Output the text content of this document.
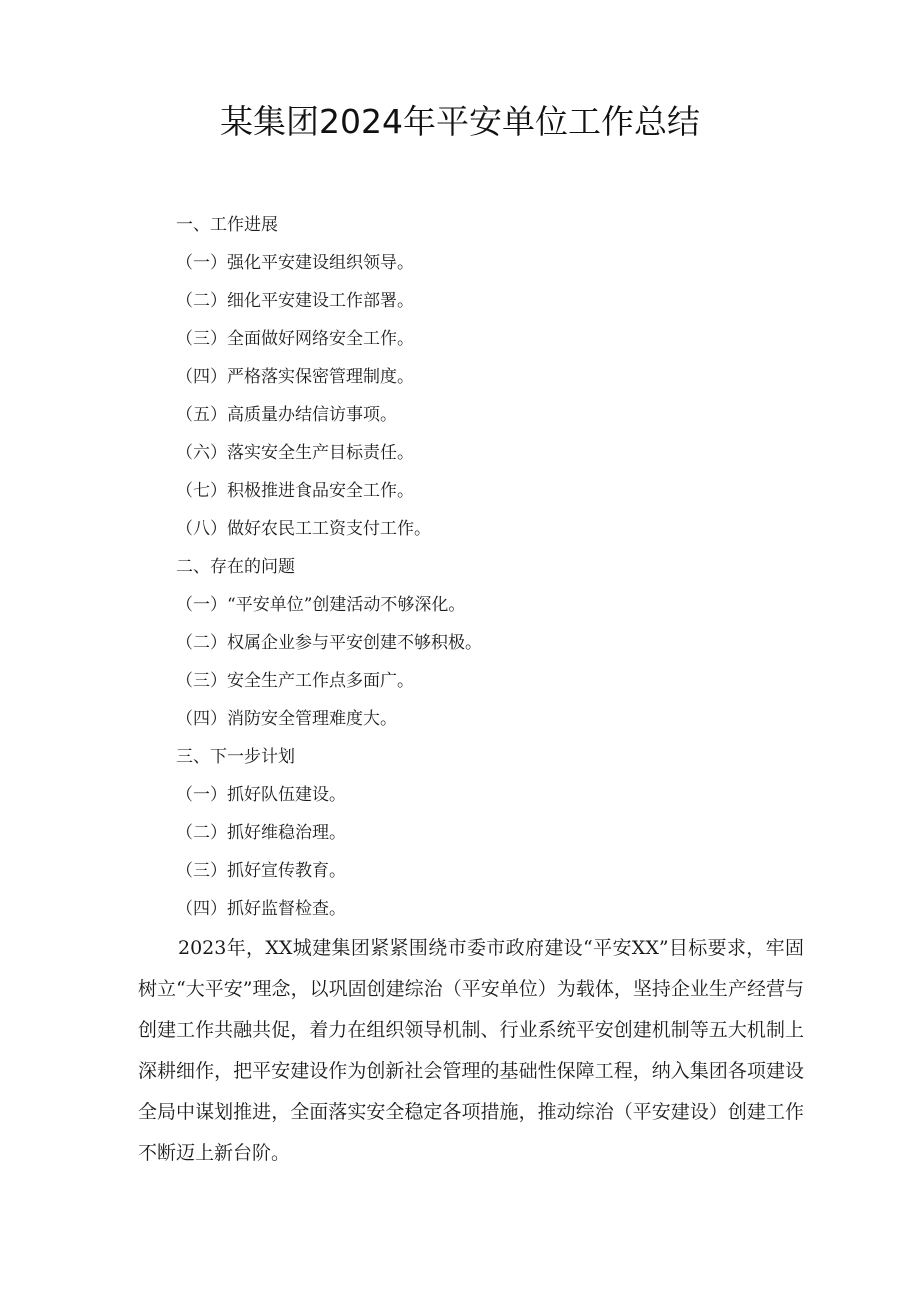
某集团2024年平安单位工作总结
一、工作进展
（一）强化平安建设组织领导。
（二）细化平安建设工作部署。
（三）全面做好网络安全工作。
（四）严格落实保密管理制度。
（五）高质量办结信访事项。
（六）落实安全生产目标责任。
（七）积极推进食品安全工作。
（八）做好农民工工资支付工作。
二、存在的问题
（一）“平安单位”创建活动不够深化。
（二）权属企业参与平安创建不够积极。
（三）安全生产工作点多面广。
（四）消防安全管理难度大。
三、下一步计划
（一）抓好队伍建设。
（二）抓好维稳治理。
（三）抓好宣传教育。
（四）抓好监督检查。

2023年，XX城建集团紧紧围绕市委市政府建设“平安XX”目标要求，牢固树立“大平安”理念，以巩固创建综治（平安单位）为载体，坚持企业生产经营与创建工作共融共促，着力在组织领导机制、行业系统平安创建机制等五大机制上深耕细作，把平安建设作为创新社会管理的基础性保障工程，纳入集团各项建设全局中谋划推进，全面落实安全稳定各项措施，推动综治（平安建设）创建工作不断迈上新台阶。
